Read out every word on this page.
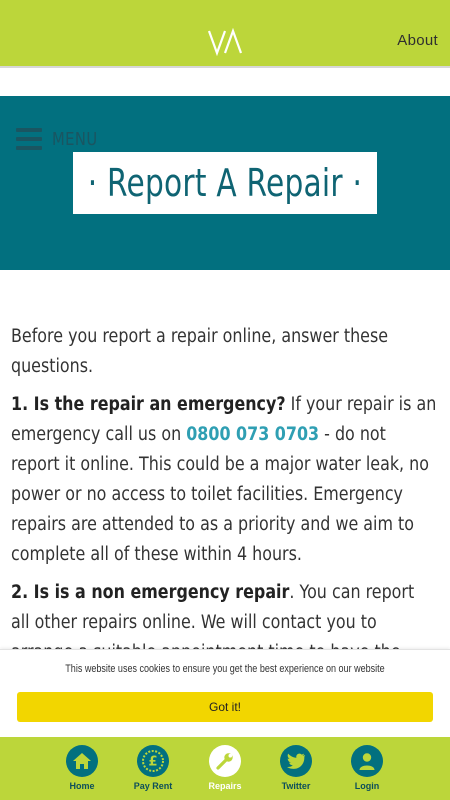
About
MENU
· Report A Repair ·

Before you report a repair online, answer these questions.

1. Is the repair an emergency? If your repair is an emergency call us on 0800 073 0703 - do not report it online. This could be a major water leak, no power or no access to toilet facilities. Emergency repairs are attended to as a priority and we aim to complete all of these within 4 hours.

2. Is is a non emergency repair. You can report all other repairs online. We will contact you to

This website uses cookies to ensure you get the best experience on our website
Got it!
Home
£
Pay Rent	Repairs	Twitter	Login
